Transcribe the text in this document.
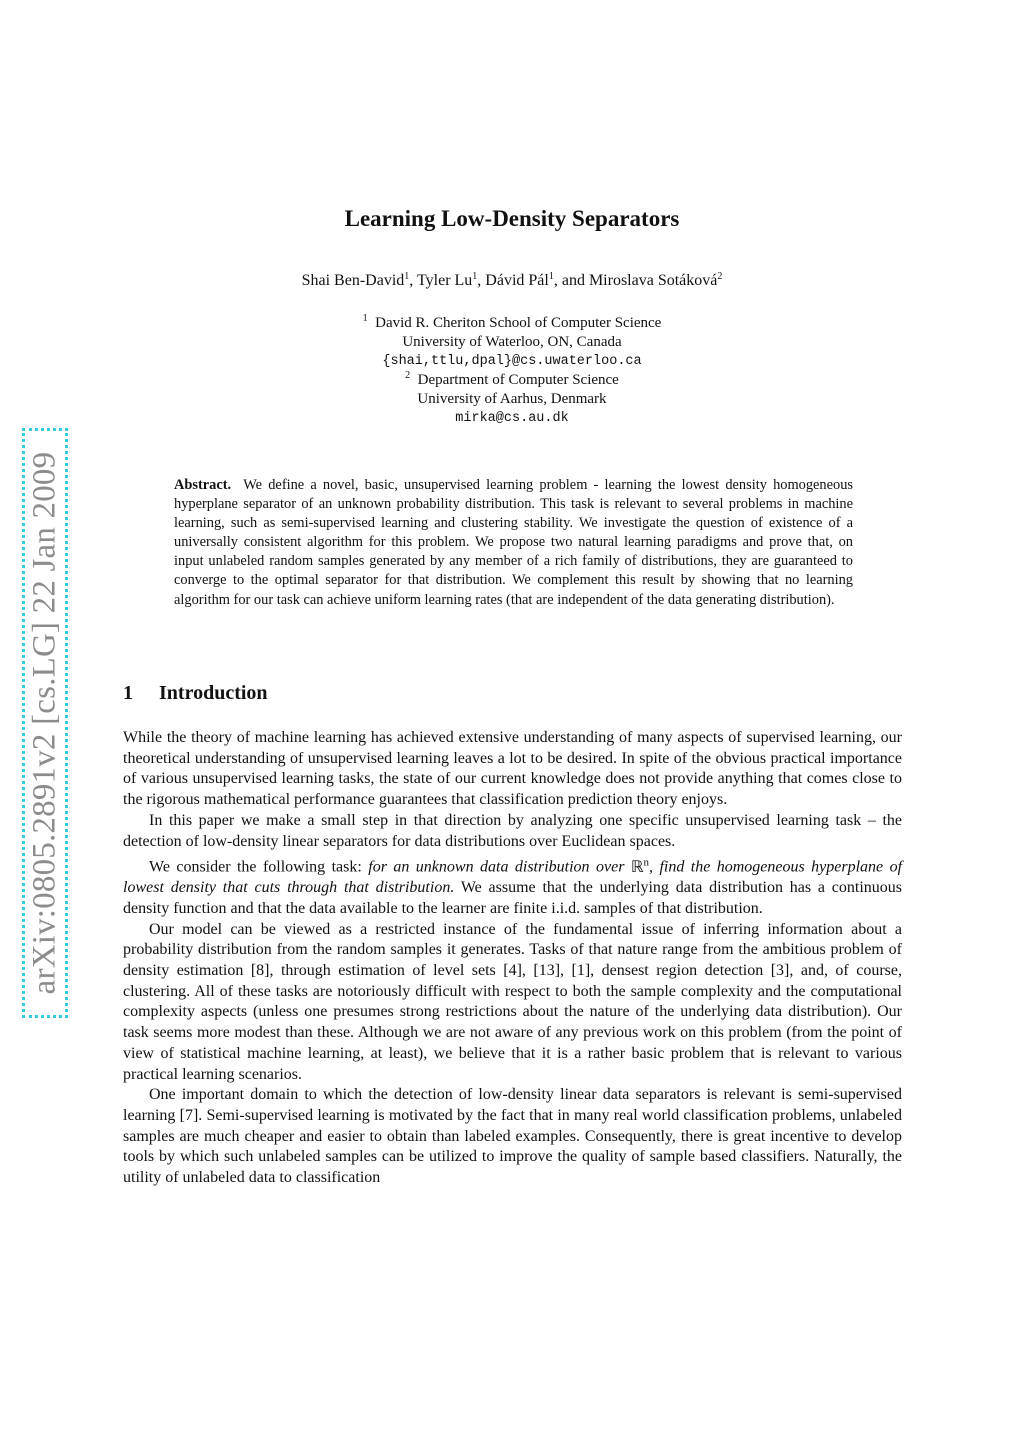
arXiv:0805.2891v2 [cs.LG] 22 Jan 2009
Learning Low-Density Separators
Shai Ben-David$^1$, Tyler Lu$^1$, Dávid Pál$^1$, and Miroslava Sotáková$^2$
$^1$ David R. Cheriton School of Computer Science
University of Waterloo, ON, Canada
{shai,ttlu,dpal}@cs.uwaterloo.ca
$^2$ Department of Computer Science
University of Aarhus, Denmark
mirka@cs.au.dk

Abstract. We define a novel, basic, unsupervised learning problem - learning the lowest density homogeneous hyperplane separator of an unknown probability distribution. This task is relevant to several problems in machine learning, such as semi-supervised learning and clustering stability. We investigate the question of existence of a universally consistent algorithm for this problem. We propose two natural learning paradigms and prove that, on input unlabeled random samples generated by any member of a rich family of distributions, they are guaranteed to converge to the optimal separator for that distribution. We complement this result by showing that no learning algorithm for our task can achieve uniform learning rates (that are independent of the data generating distribution).

1 Introduction

While the theory of machine learning has achieved extensive understanding of many aspects of supervised learning, our theoretical understanding of unsupervised learning leaves a lot to be desired. In spite of the obvious practical importance of various unsupervised learning tasks, the state of our current knowledge does not provide anything that comes close to the rigorous mathematical performance guarantees that classification prediction theory enjoys.

In this paper we make a small step in that direction by analyzing one specific unsupervised learning task – the detection of low-density linear separators for data distributions over Euclidean spaces.

We consider the following task: for an unknown data distribution over ℝ$^n$, find the homogeneous hyperplane of lowest density that cuts through that distribution. We assume that the underlying data distribution has a continuous density function and that the data available to the learner are finite i.i.d. samples of that distribution.

Our model can be viewed as a restricted instance of the fundamental issue of inferring information about a probability distribution from the random samples it generates. Tasks of that nature range from the ambitious problem of density estimation [8], through estimation of level sets [4], [13], [1], densest region detection [3], and, of course, clustering. All of these tasks are notoriously difficult with respect to both the sample complexity and the computational complexity aspects (unless one presumes strong restrictions about the nature of the underlying data distribution). Our task seems more modest than these. Although we are not aware of any previous work on this problem (from the point of view of statistical machine learning, at least), we believe that it is a rather basic problem that is relevant to various practical learning scenarios.

One important domain to which the detection of low-density linear data separators is relevant is semi-supervised learning [7]. Semi-supervised learning is motivated by the fact that in many real world classification problems, unlabeled samples are much cheaper and easier to obtain than labeled examples. Consequently, there is great incentive to develop tools by which such unlabeled samples can be utilized to improve the quality of sample based classifiers. Naturally, the utility of unlabeled data to classification
